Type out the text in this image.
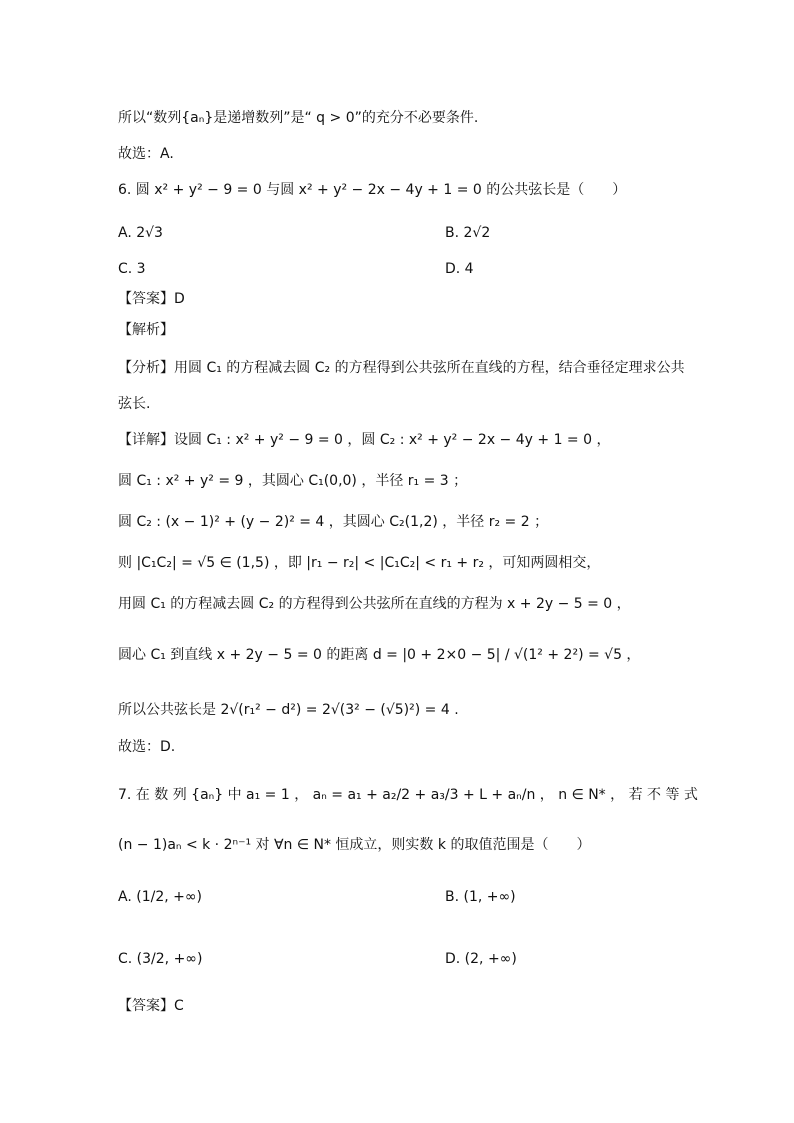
所以“数列{aₙ}是递增数列”是“ q > 0”的充分不必要条件.
故选：A.
6. 圆 x² + y² − 9 = 0 与圆 x² + y² − 2x − 4y + 1 = 0 的公共弦长是（　　）
A. 2√3	B. 2√2
C. 3	D. 4
【答案】D
【解析】
【分析】用圆 C₁ 的方程减去圆 C₂ 的方程得到公共弦所在直线的方程，结合垂径定理求公共
弦长.
【详解】设圆 C₁ : x² + y² − 9 = 0 ，圆 C₂ : x² + y² − 2x − 4y + 1 = 0 ，
圆 C₁ : x² + y² = 9 ，其圆心 C₁(0,0) ，半径 r₁ = 3 ；
圆 C₂ : (x − 1)² + (y − 2)² = 4 ，其圆心 C₂(1,2) ，半径 r₂ = 2 ；
则 |C₁C₂| = √5 ∈ (1,5) ，即 |r₁ − r₂| < |C₁C₂| < r₁ + r₂ ，可知两圆相交，
用圆 C₁ 的方程减去圆 C₂ 的方程得到公共弦所在直线的方程为 x + 2y − 5 = 0 ，
圆心 C₁ 到直线 x + 2y − 5 = 0 的距离 d = |0 + 2×0 − 5| / √(1² + 2²) = √5 ，
所以公共弦长是 2√(r₁² − d²) = 2√(3² − (√5)²) = 4 .
故选：D.
7. 在 数 列 {aₙ} 中 a₁ = 1 ， aₙ = a₁ + a₂/2 + a₃/3 + L + aₙ/n ， n ∈ N* ， 若 不 等 式
(n − 1)aₙ < k · 2ⁿ⁻¹ 对 ∀n ∈ N* 恒成立，则实数 k 的取值范围是（　　）
A. (1/2, +∞)	B. (1, +∞)
C. (3/2, +∞)	D. (2, +∞)
【答案】C
